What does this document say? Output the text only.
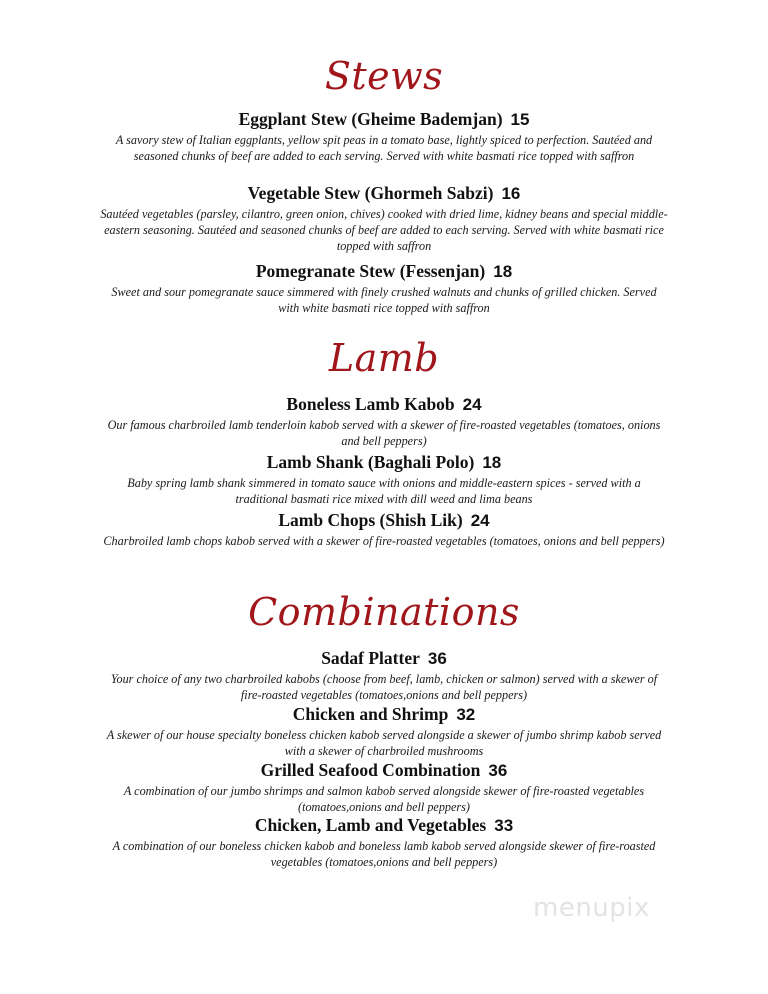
Stews
Eggplant Stew (Gheime Bademjan) 15
A savory stew of Italian eggplants, yellow spit peas in a tomato base, lightly spiced to perfection. Sautéed and seasoned chunks of beef are added to each serving. Served with white basmati rice topped with saffron
Vegetable Stew (Ghormeh Sabzi) 16
Sautéed vegetables (parsley, cilantro, green onion, chives) cooked with dried lime, kidney beans and special middle-eastern seasoning. Sautéed and seasoned chunks of beef are added to each serving. Served with white basmati rice topped with saffron
Pomegranate Stew (Fessenjan) 18
Sweet and sour pomegranate sauce simmered with finely crushed walnuts and chunks of grilled chicken. Served with white basmati rice topped with saffron
Lamb
Boneless Lamb Kabob 24
Our famous charbroiled lamb tenderloin kabob served with a skewer of fire-roasted vegetables (tomatoes, onions and bell peppers)
Lamb Shank (Baghali Polo) 18
Baby spring lamb shank simmered in tomato sauce with onions and middle-eastern spices - served with a traditional basmati rice mixed with dill weed and lima beans
Lamb Chops (Shish Lik) 24
Charbroiled lamb chops kabob served with a skewer of fire-roasted vegetables (tomatoes, onions and bell peppers)
Combinations
Sadaf Platter 36
Your choice of any two charbroiled kabobs (choose from beef, lamb, chicken or salmon) served with a skewer of fire-roasted vegetables (tomatoes,onions and bell peppers)
Chicken and Shrimp 32
A skewer of our house specialty boneless chicken kabob served alongside a skewer of jumbo shrimp kabob served with a skewer of charbroiled mushrooms
Grilled Seafood Combination 36
A combination of our jumbo shrimps and salmon kabob served alongside skewer of fire-roasted vegetables (tomatoes,onions and bell peppers)
Chicken, Lamb and Vegetables 33
A combination of our boneless chicken kabob and boneless lamb kabob served alongside skewer of fire-roasted vegetables (tomatoes,onions and bell peppers)
menupix
